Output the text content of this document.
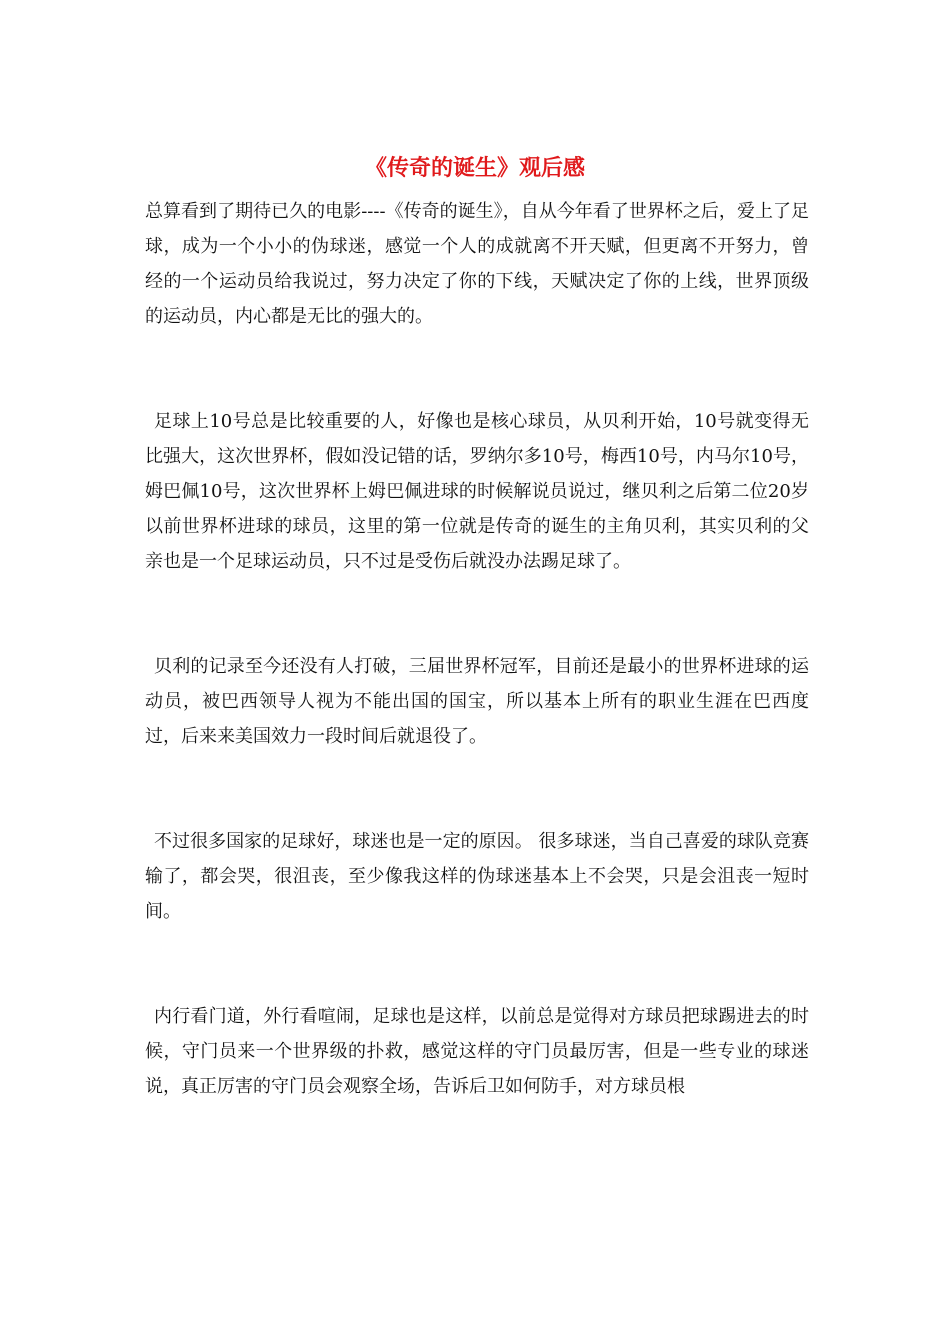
《传奇的诞生》观后感

总算看到了期待已久的电影----《传奇的诞生》，自从今年看了世界杯之后，爱上了足球，成为一个小小的伪球迷，感觉一个人的成就离不开天赋，但更离不开努力，曾经的一个运动员给我说过，努力决定了你的下线，天赋决定了你的上线，世界顶级的运动员，内心都是无比的强大的。

足球上10号总是比较重要的人，好像也是核心球员，从贝利开始，10号就变得无比强大，这次世界杯，假如没记错的话，罗纳尔多10号，梅西10号，内马尔10号，姆巴佩10号，这次世界杯上姆巴佩进球的时候解说员说过，继贝利之后第二位20岁以前世界杯进球的球员，这里的第一位就是传奇的诞生的主角贝利，其实贝利的父亲也是一个足球运动员，只不过是受伤后就没办法踢足球了。

贝利的记录至今还没有人打破，三届世界杯冠军，目前还是最小的世界杯进球的运动员，被巴西领导人视为不能出国的国宝，所以基本上所有的职业生涯在巴西度过，后来来美国效力一段时间后就退役了。

不过很多国家的足球好，球迷也是一定的原因。 很多球迷，当自己喜爱的球队竞赛输了，都会哭，很沮丧，至少像我这样的伪球迷基本上不会哭，只是会沮丧一短时间。

内行看门道，外行看喧闹，足球也是这样，以前总是觉得对方球员把球踢进去的时候，守门员来一个世界级的扑救，感觉这样的守门员最厉害，但是一些专业的球迷说，真正厉害的守门员会观察全场，告诉后卫如何防手，对方球员根
